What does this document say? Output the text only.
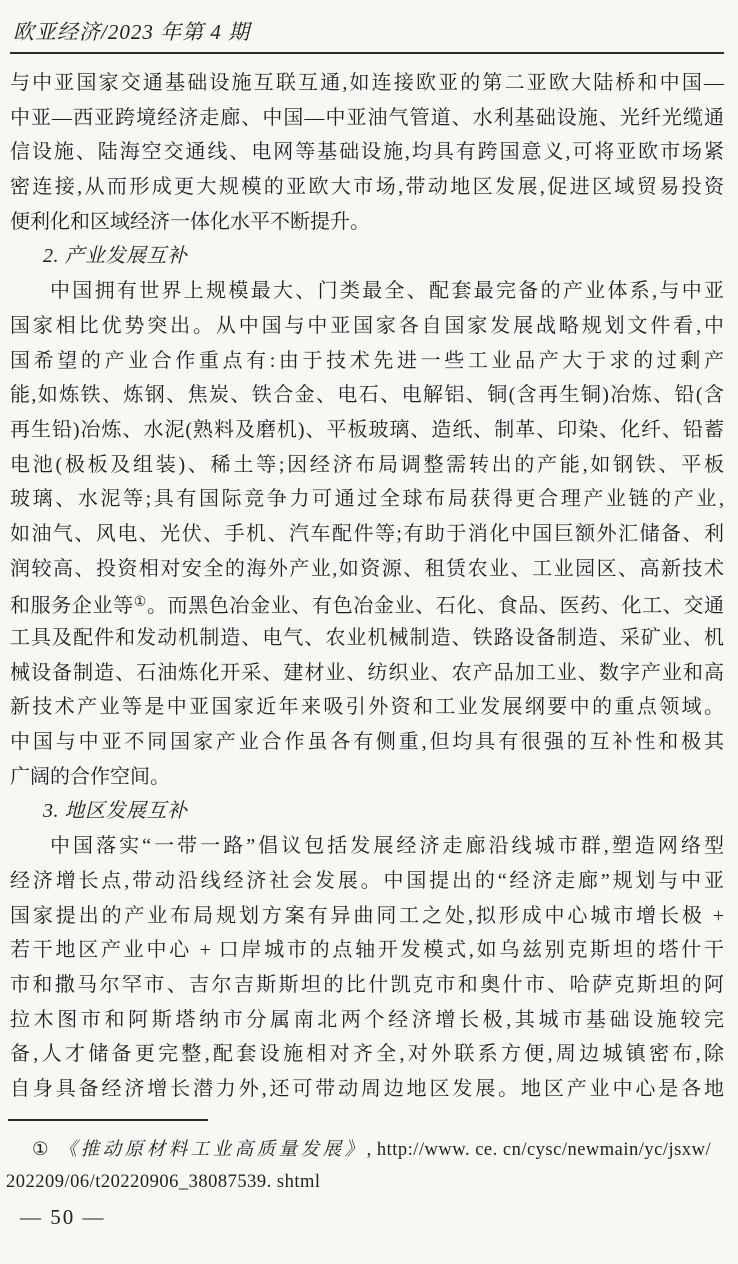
欧亚经济/2023 年第 4 期
与中亚国家交通基础设施互联互通,如连接欧亚的第二亚欧大陆桥和中国—
中亚—西亚跨境经济走廊、中国—中亚油气管道、水利基础设施、光纤光缆通
信设施、陆海空交通线、电网等基础设施,均具有跨国意义,可将亚欧市场紧
密连接,从而形成更大规模的亚欧大市场,带动地区发展,促进区域贸易投资
便利化和区域经济一体化水平不断提升。
2. 产业发展互补
中国拥有世界上规模最大、门类最全、配套最完备的产业体系,与中亚
国家相比优势突出。从中国与中亚国家各自国家发展战略规划文件看,中
国希望的产业合作重点有:由于技术先进一些工业品产大于求的过剩产
能,如炼铁、炼钢、焦炭、铁合金、电石、电解铝、铜(含再生铜)冶炼、铅(含
再生铅)冶炼、水泥(熟料及磨机)、平板玻璃、造纸、制革、印染、化纤、铅蓄
电池(极板及组装)、稀土等;因经济布局调整需转出的产能,如钢铁、平板
玻璃、水泥等;具有国际竞争力可通过全球布局获得更合理产业链的产业,
如油气、风电、光伏、手机、汽车配件等;有助于消化中国巨额外汇储备、利
润较高、投资相对安全的海外产业,如资源、租赁农业、工业园区、高新技术
和服务企业等①。而黑色冶金业、有色冶金业、石化、食品、医药、化工、交通
工具及配件和发动机制造、电气、农业机械制造、铁路设备制造、采矿业、机
械设备制造、石油炼化开采、建材业、纺织业、农产品加工业、数字产业和高
新技术产业等是中亚国家近年来吸引外资和工业发展纲要中的重点领域。
中国与中亚不同国家产业合作虽各有侧重,但均具有很强的互补性和极其
广阔的合作空间。
3. 地区发展互补
中国落实“一带一路”倡议包括发展经济走廊沿线城市群,塑造网络型
经济增长点,带动沿线经济社会发展。中国提出的“经济走廊”规划与中亚
国家提出的产业布局规划方案有异曲同工之处,拟形成中心城市增长极 +
若干地区产业中心 + 口岸城市的点轴开发模式,如乌兹别克斯坦的塔什干
市和撒马尔罕市、吉尔吉斯斯坦的比什凯克市和奥什市、哈萨克斯坦的阿
拉木图市和阿斯塔纳市分属南北两个经济增长极,其城市基础设施较完
备,人才储备更完整,配套设施相对齐全,对外联系方便,周边城镇密布,除
自身具备经济增长潜力外,还可带动周边地区发展。地区产业中心是各地
① 《推动原材料工业高质量发展》, http://www. ce. cn/cysc/newmain/yc/jsxw/
202209/06/t20220906_38087539. shtml
— 50 —
